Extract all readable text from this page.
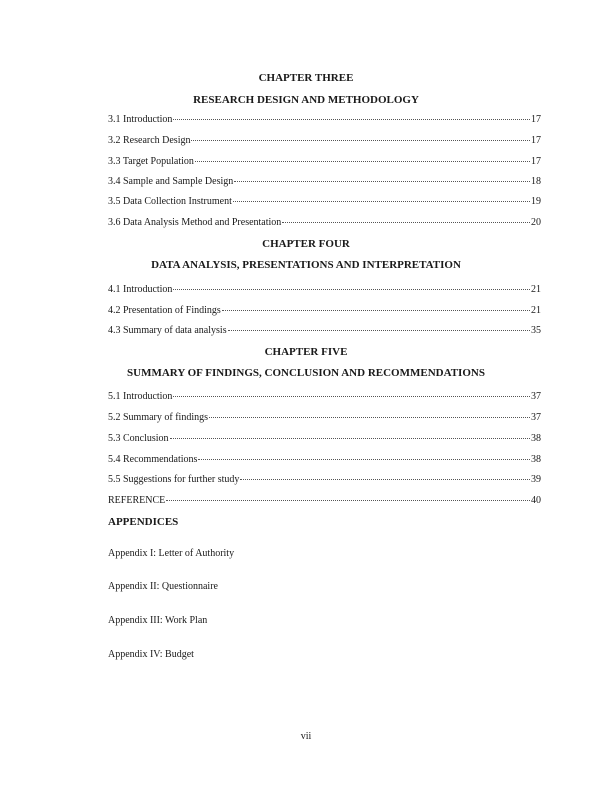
CHAPTER THREE
RESEARCH DESIGN AND METHODOLOGY
3.1 Introduction	17
3.2 Research Design	17
3.3 Target Population	17
3.4 Sample and Sample Design	18
3.5 Data Collection Instrument	19
3.6 Data Analysis Method and Presentation	20
CHAPTER FOUR
DATA ANALYSIS, PRESENTATIONS AND INTERPRETATION
4.1 Introduction	21
4.2 Presentation of Findings	21
4.3 Summary of data analysis	35
CHAPTER FIVE
SUMMARY OF FINDINGS, CONCLUSION AND RECOMMENDATIONS
5.1 Introduction	37
5.2 Summary of findings	37
5.3 Conclusion	38
5.4 Recommendations	38
5.5 Suggestions for further study	39
REFERENCE	40
APPENDICES
Appendix I: Letter of Authority
Appendix II: Questionnaire
Appendix III: Work Plan
Appendix IV: Budget
vii
